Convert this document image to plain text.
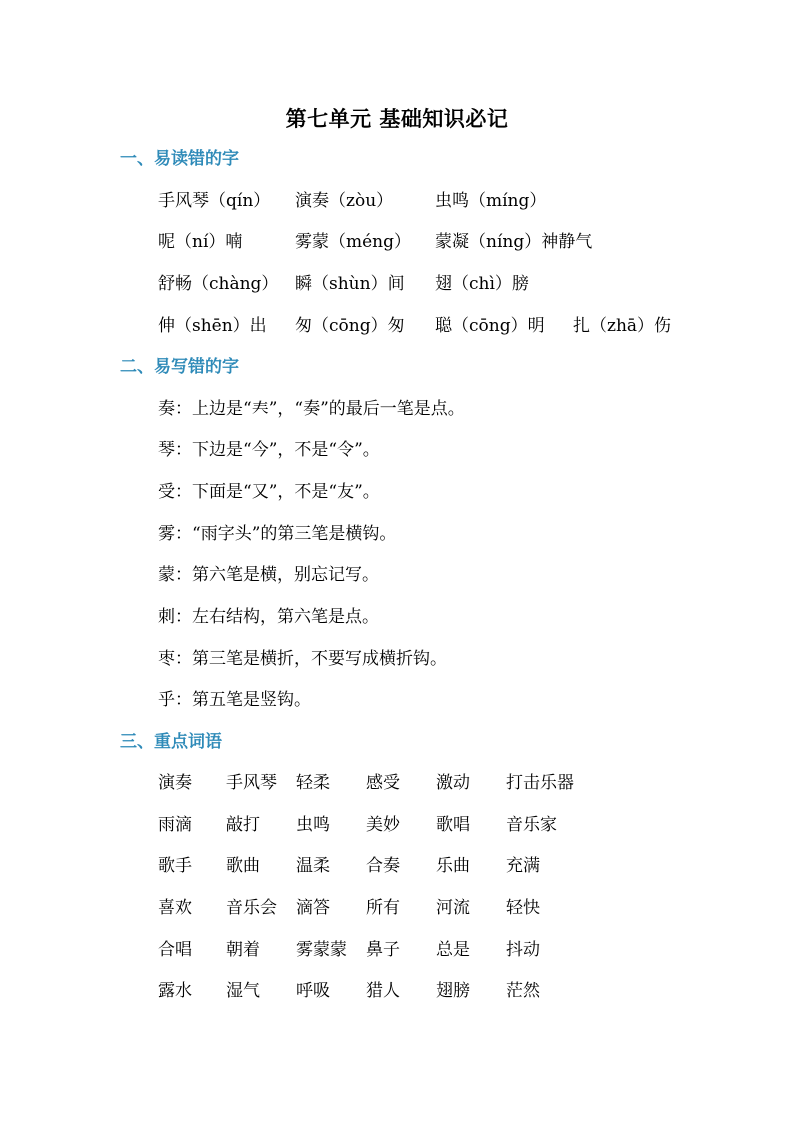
第七单元 基础知识必记
一、易读错的字
手风琴（qín） 演奏（zòu） 虫鸣（míng）
呢（ní）喃	雾蒙（méng） 蒙凝（níng）神静气
舒畅（chàng） 瞬（shùn）间 翅（chì）膀
伸（shēn）出 匆（cōng）匆 聪（cōng）明 扎（zhā）伤
二、易写错的字
奏：上边是“𡗗”，“奏”的最后一笔是点。
琴：下边是“今”，不是“令”。
受：下面是“又”，不是“友”。
雾：“雨字头”的第三笔是横钩。
蒙：第六笔是横，别忘记写。
刺：左右结构，第六笔是点。
枣：第三笔是横折，不要写成横折钩。
乎：第五笔是竖钩。
三、重点词语
演奏 手风琴 轻柔 感受 激动 打击乐器
雨滴 敲打 虫鸣 美妙 歌唱 音乐家
歌手 歌曲 温柔 合奏 乐曲 充满
喜欢 音乐会 滴答 所有 河流 轻快
合唱 朝着 雾蒙蒙 鼻子 总是 抖动
露水 湿气 呼吸 猎人 翅膀 茫然
